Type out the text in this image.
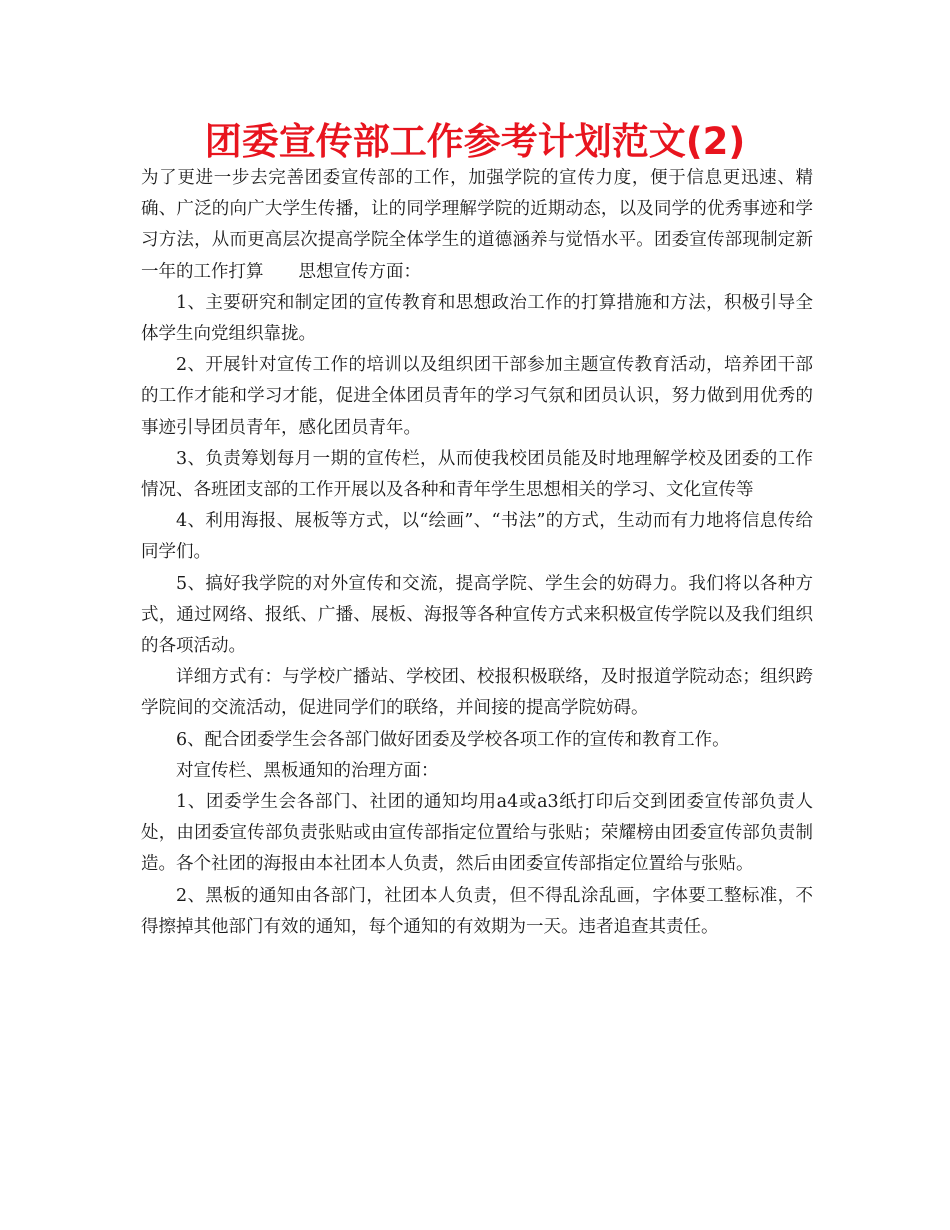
团委宣传部工作参考计划范文(2)

为了更进一步去完善团委宣传部的工作，加强学院的宣传力度，便于信息更迅速、精确、广泛的向广大学生传播，让的同学理解学院的近期动态，以及同学的优秀事迹和学习方法，从而更高层次提高学院全体学生的道德涵养与觉悟水平。团委宣传部现制定新一年的工作打算　　思想宣传方面：

1、主要研究和制定团的宣传教育和思想政治工作的打算措施和方法，积极引导全体学生向党组织靠拢。

2、开展针对宣传工作的培训以及组织团干部参加主题宣传教育活动，培养团干部的工作才能和学习才能，促进全体团员青年的学习气氛和团员认识，努力做到用优秀的事迹引导团员青年，感化团员青年。

3、负责筹划每月一期的宣传栏，从而使我校团员能及时地理解学校及团委的工作情况、各班团支部的工作开展以及各种和青年学生思想相关的学习、文化宣传等

4、利用海报、展板等方式，以“绘画”、“书法”的方式，生动而有力地将信息传给同学们。

5、搞好我学院的对外宣传和交流，提高学院、学生会的妨碍力。我们将以各种方式，通过网络、报纸、广播、展板、海报等各种宣传方式来积极宣传学院以及我们组织的各项活动。

详细方式有：与学校广播站、学校团、校报积极联络，及时报道学院动态；组织跨学院间的交流活动，促进同学们的联络，并间接的提高学院妨碍。

6、配合团委学生会各部门做好团委及学校各项工作的宣传和教育工作。

对宣传栏、黑板通知的治理方面：

1、团委学生会各部门、社团的通知均用a4或a3纸打印后交到团委宣传部负责人处，由团委宣传部负责张贴或由宣传部指定位置给与张贴；荣耀榜由团委宣传部负责制造。各个社团的海报由本社团本人负责，然后由团委宣传部指定位置给与张贴。

2、黑板的通知由各部门，社团本人负责，但不得乱涂乱画，字体要工整标准，不得擦掉其他部门有效的通知，每个通知的有效期为一天。违者追查其责任。
